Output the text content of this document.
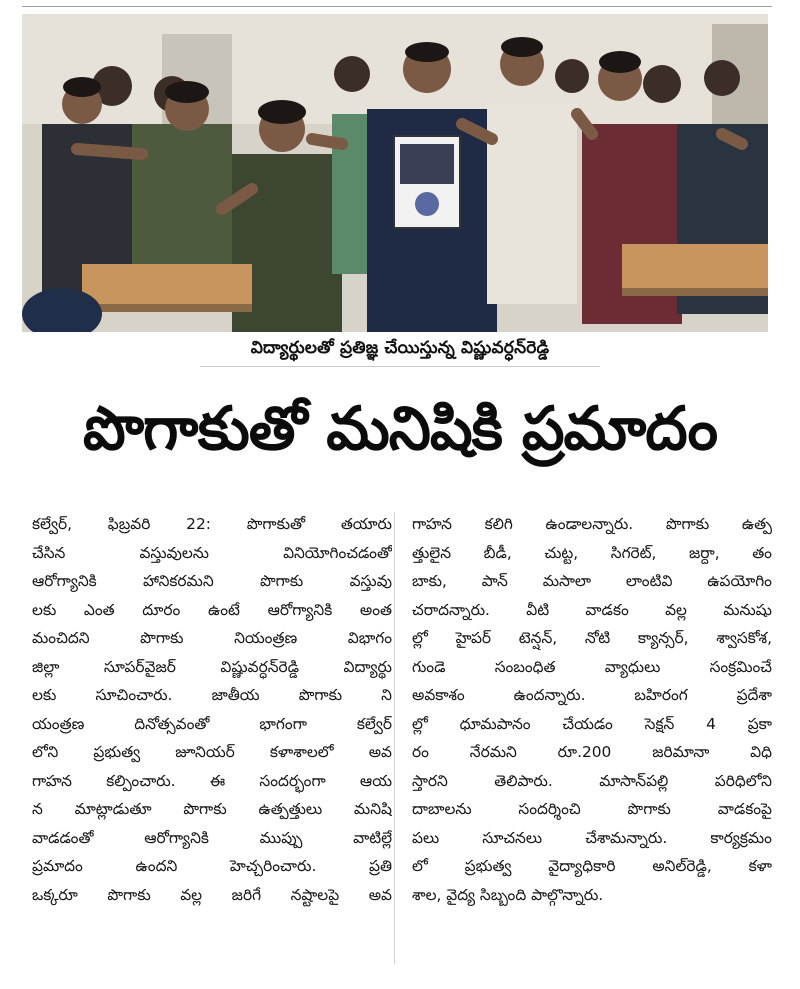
విద్యార్థులతో ప్రతిజ్ఞ చేయిస్తున్న విష్ణువర్ధన్‌రెడ్డి
పొగాకుతో మనిషికి ప్రమాదం
కల్వేర్, ఫిబ్రవరి 22: పొగాకుతో తయారు
చేసిన వస్తువులను వినియోగించడంతో
ఆరోగ్యానికి హానికరమని పొగాకు వస్తువు
లకు ఎంత దూరం ఉంటే ఆరోగ్యానికి అంత
మంచిదని పొగాకు నియంత్రణ విభాగం
జిల్లా సూపర్‌వైజర్ విష్ణువర్ధన్‌రెడ్డి విద్యార్థు
లకు సూచించారు. జాతీయ పొగాకు ని
యంత్రణ దినోత్సవంతో భాగంగా కల్వేర్
లోని ప్రభుత్వ జూనియర్ కళాశాలలో అవ
గాహన కల్పించారు. ఈ సందర్భంగా ఆయ
న మాట్లాడుతూ పొగాకు ఉత్పత్తులు మనిషి
వాడడంతో ఆరోగ్యానికి ముప్పు వాటిల్లే
ప్రమాదం ఉందని హెచ్చరించారు. ప్రతి
ఒక్కరూ పొగాకు వల్ల జరిగే నష్టాలపై అవ
గాహన కలిగి ఉండాలన్నారు. పొగాకు ఉత్ప
త్తులైన బీడీ, చుట్ట, సిగరెట్, జర్దా, తం
బాకు, పాన్ మసాలా లాంటివి ఉపయోగిం
చరాదన్నారు. వీటి వాడకం వల్ల మనుషు
ల్లో హైపర్ టెన్షన్, నోటి క్యాన్సర్, శ్వాసకోశ,
గుండె సంబంధిత వ్యాధులు సంక్రమించే
అవకాశం ఉందన్నారు. బహిరంగ ప్రదేశా
ల్లో ధూమపానం చేయడం సెక్షన్ 4 ప్రకా
రం నేరమని రూ.200 జరిమానా విధి
స్తారని తెలిపారు. మాసాన్‌పల్లి పరిధిలోని
దాబాలను సందర్శించి పొగాకు వాడకంపై
పలు సూచనలు చేశామన్నారు. కార్యక్రమం
లో ప్రభుత్వ వైద్యాధికారి అనిల్‌రెడ్డి, కళా
శాల, వైద్య సిబ్బంది పాల్గొన్నారు.
